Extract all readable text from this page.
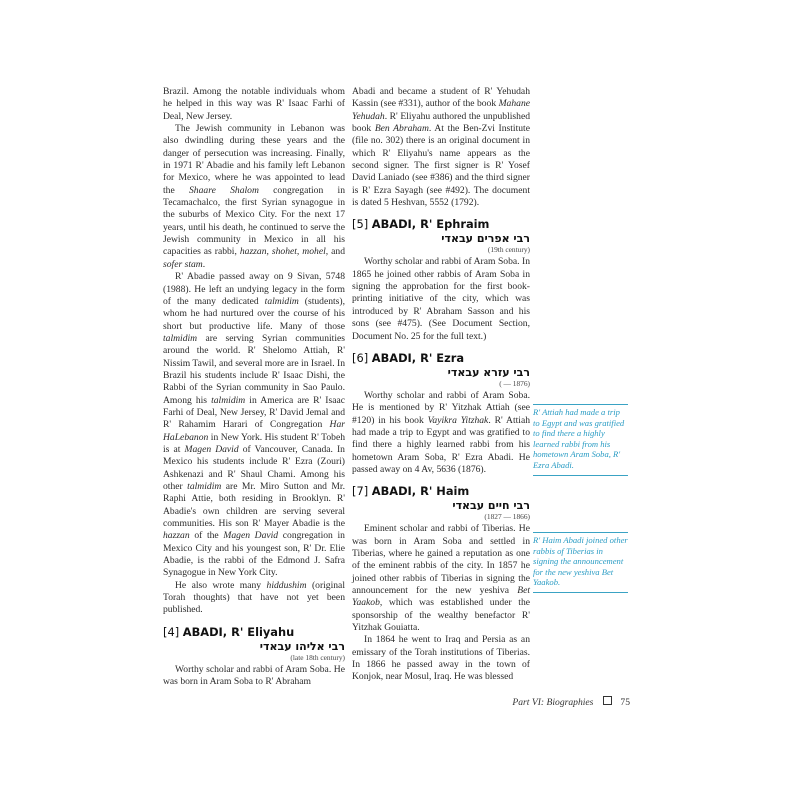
Brazil. Among the notable individuals whom he helped in this way was R' Isaac Farhi of Deal, New Jersey.

The Jewish community in Lebanon was also dwindling during these years and the danger of persecution was increasing. Finally, in 1971 R' Abadie and his family left Lebanon for Mexico, where he was appointed to lead the Shaare Shalom congregation in Tecamachalco, the first Syrian synagogue in the suburbs of Mexico City. For the next 17 years, until his death, he continued to serve the Jewish community in Mexico in all his capacities as rabbi, hazzan, shohet, mohel, and sofer stam.

R' Abadie passed away on 9 Sivan, 5748 (1988). He left an undying legacy in the form of the many dedicated talmidim (students), whom he had nurtured over the course of his short but productive life. Many of those talmidim are serving Syrian communities around the world. R' Shelomo Attiah, R' Nissim Tawil, and several more are in Israel. In Brazil his students include R' Isaac Dishi, the Rabbi of the Syrian community in Sao Paulo. Among his talmidim in America are R' Isaac Farhi of Deal, New Jersey, R' David Jemal and R' Rahamim Harari of Congregation Har HaLebanon in New York. His student R' Tobeh is at Magen David of Vancouver, Canada. In Mexico his students include R' Ezra (Zouri) Ashkenazi and R' Shaul Chami. Among his other talmidim are Mr. Miro Sutton and Mr. Raphi Attie, both residing in Brooklyn. R' Abadie's own children are serving several communities. His son R' Mayer Abadie is the hazzan of the Magen David congregation in Mexico City and his youngest son, R' Dr. Elie Abadie, is the rabbi of the Edmond J. Safra Synagogue in New York City.

He also wrote many hiddushim (original Torah thoughts) that have not yet been published.

[4] ABADI, R' Eliyahu
רבי אליהו עבאדי
(late 18th century)

Worthy scholar and rabbi of Aram Soba. He was born in Aram Soba to R' Abraham

Abadi and became a student of R' Yehudah Kassin (see #331), author of the book Mahane Yehudah. R' Eliyahu authored the unpublished book Ben Abraham. At the Ben-Zvi Institute (file no. 302) there is an original document in which R' Eliyahu's name appears as the second signer. The first signer is R' Yosef David Laniado (see #386) and the third signer is R' Ezra Sayagh (see #492). The document is dated 5 Heshvan, 5552 (1792).

[5] ABADI, R' Ephraim
רבי אפרים עבאדי
(19th century)

Worthy scholar and rabbi of Aram Soba. In 1865 he joined other rabbis of Aram Soba in signing the approbation for the first book-printing initiative of the city, which was introduced by R' Abraham Sasson and his sons (see #475). (See Document Section, Document No. 25 for the full text.)

[6] ABADI, R' Ezra
רבי עזרא עבאדי
( — 1876)

Worthy scholar and rabbi of Aram Soba. He is mentioned by R' Yitzhak Attiah (see #120) in his book Vayikra Yitzhak. R' Attiah had made a trip to Egypt and was gratified to find there a highly learned rabbi from his hometown Aram Soba, R' Ezra Abadi. He passed away on 4 Av, 5636 (1876).

[7] ABADI, R' Haim
רבי חיים עבאדי
(1827 — 1866)

Eminent scholar and rabbi of Tiberias. He was born in Aram Soba and settled in Tiberias, where he gained a reputation as one of the eminent rabbis of the city. In 1857 he joined other rabbis of Tiberias in signing the announcement for the new yeshiva Bet Yaakob, which was established under the sponsorship of the wealthy benefactor R' Yitzhak Gouiatta.

In 1864 he went to Iraq and Persia as an emissary of the Torah institutions of Tiberias. In 1866 he passed away in the town of Konjok, near Mosul, Iraq. He was blessed

R' Attiah had made a trip to Egypt and was gratified to find there a highly learned rabbi from his hometown Aram Soba, R' Ezra Abadi.
R' Haim Abadi joined other rabbis of Tiberias in signing the announcement for the new yeshiva Bet Yaakob.
Part VI: Biographies	75
